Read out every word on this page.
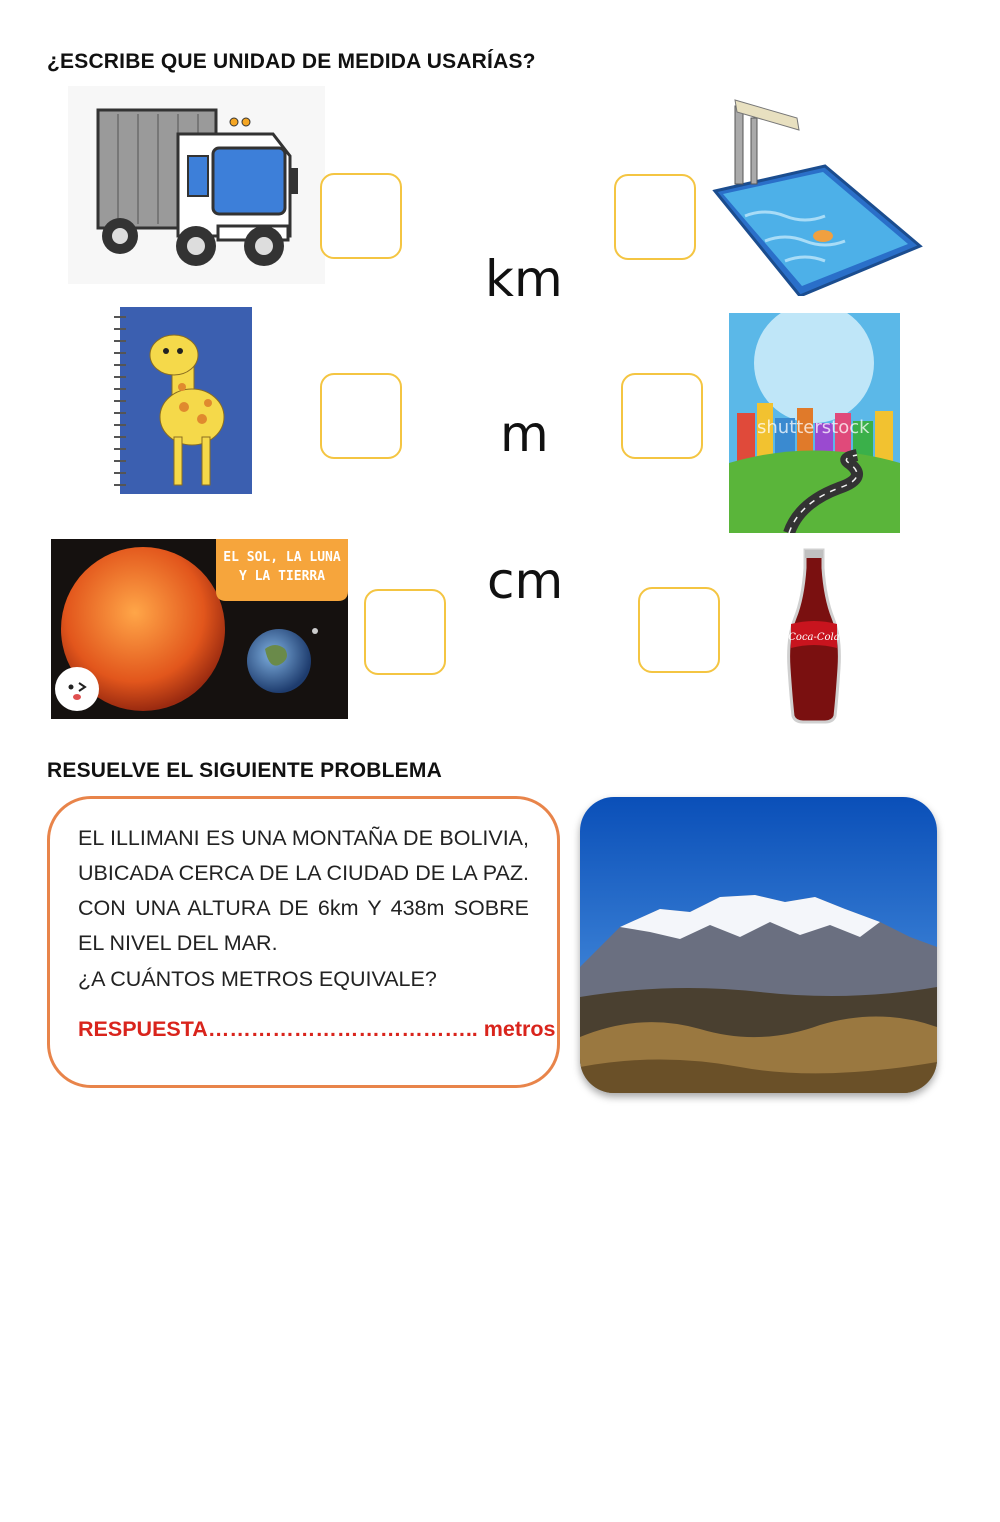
¿ESCRIBE QUE UNIDAD DE MEDIDA USARÍAS?
shutterstock
EL SOL, LA LUNA
Y LA TIERRA
Coca-Cola
km
m
cm
RESUELVE EL SIGUIENTE PROBLEMA
EL ILLIMANI ES UNA MONTAÑA DE BOLIVIA, UBICADA CERCA DE LA CIUDAD DE LA PAZ. CON UNA ALTURA DE 6km Y 438m SOBRE EL NIVEL DEL MAR.
¿A CUÁNTOS METROS EQUIVALE?
RESPUESTA……………………………….. metros
